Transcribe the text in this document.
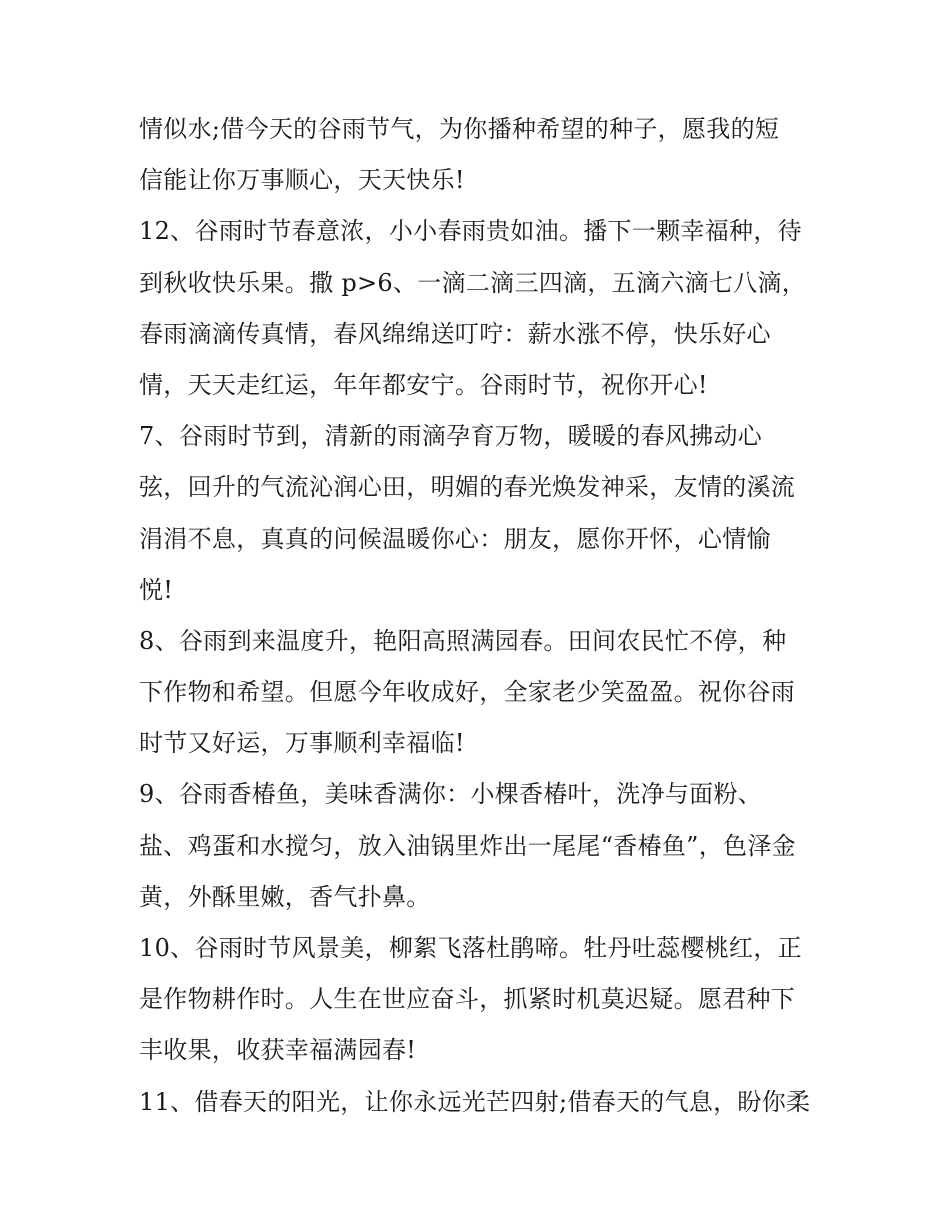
情似水;借今天的谷雨节气，为你播种希望的种子，愿我的短
信能让你万事顺心，天天快乐!
12、谷雨时节春意浓，小小春雨贵如油。播下一颗幸福种，待
到秋收快乐果。撒 p>6、一滴二滴三四滴，五滴六滴七八滴，
春雨滴滴传真情，春风绵绵送叮咛：薪水涨不停，快乐好心
情，天天走红运，年年都安宁。谷雨时节，祝你开心!
7、谷雨时节到，清新的雨滴孕育万物，暖暖的春风拂动心
弦，回升的气流沁润心田，明媚的春光焕发神采，友情的溪流
涓涓不息，真真的问候温暖你心：朋友，愿你开怀，心情愉
悦!
8、谷雨到来温度升，艳阳高照满园春。田间农民忙不停，种
下作物和希望。但愿今年收成好，全家老少笑盈盈。祝你谷雨
时节又好运，万事顺利幸福临!
9、谷雨香椿鱼，美味香满你：小棵香椿叶，洗净与面粉、
盐、鸡蛋和水搅匀，放入油锅里炸出一尾尾“香椿鱼”，色泽金
黄，外酥里嫩，香气扑鼻。
10、谷雨时节风景美，柳絮飞落杜鹃啼。牡丹吐蕊樱桃红，正
是作物耕作时。人生在世应奋斗，抓紧时机莫迟疑。愿君种下
丰收果，收获幸福满园春!
11、借春天的阳光，让你永远光芒四射;借春天的气息，盼你柔
